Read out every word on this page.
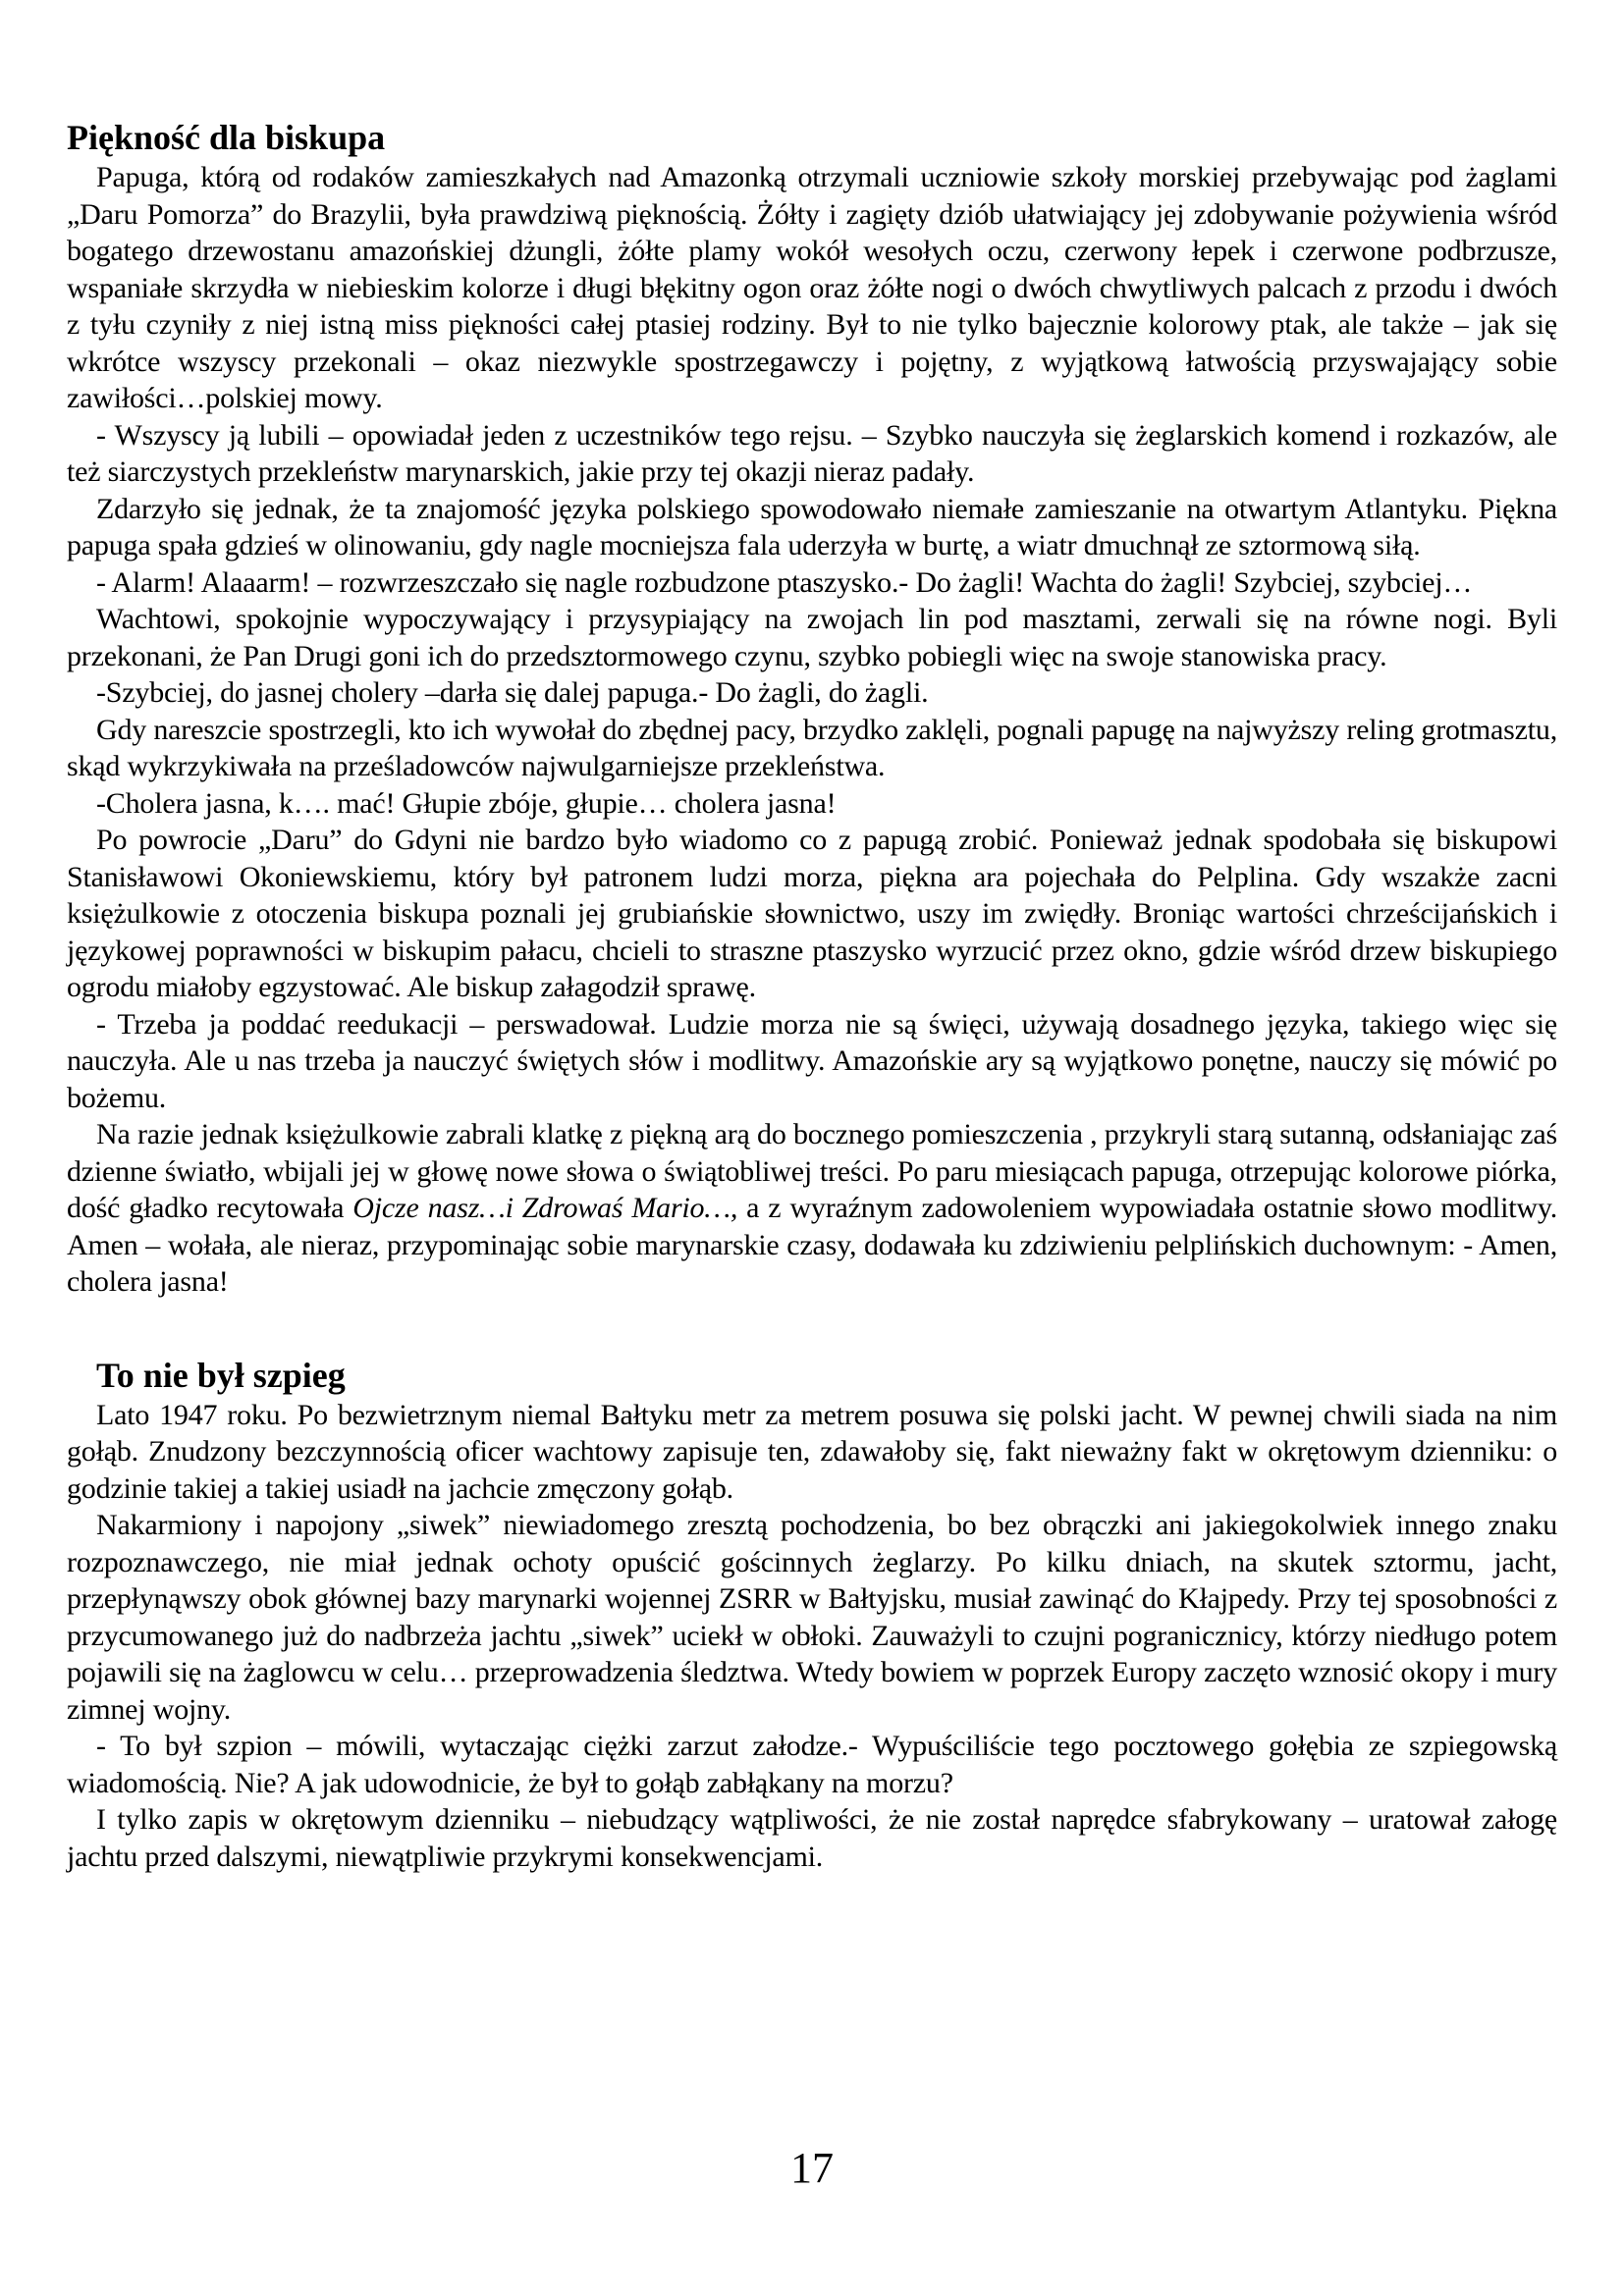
Piękność dla biskupa

Papuga, którą od rodaków zamieszkałych nad Amazonką otrzymali uczniowie szkoły morskiej przebywając pod żaglami „Daru Pomorza” do Brazylii, była prawdziwą pięknością. Żółty i zagięty dziób ułatwiający jej zdobywanie pożywienia wśród bogatego drzewostanu amazońskiej dżungli, żółte plamy wokół wesołych oczu, czerwony łepek i czerwone podbrzusze, wspaniałe skrzydła w niebieskim kolorze i długi błękitny ogon oraz żółte nogi o dwóch chwytliwych palcach z przodu i dwóch z tyłu czyniły z niej istną miss piękności całej ptasiej rodziny. Był to nie tylko bajecznie kolorowy ptak, ale także – jak się wkrótce wszyscy przekonali – okaz niezwykle spostrzegawczy i pojętny, z wyjątkową łatwością przyswajający sobie zawiłości…polskiej mowy.

- Wszyscy ją lubili – opowiadał jeden z uczestników tego rejsu. – Szybko nauczyła się żeglarskich komend i rozkazów, ale też siarczystych przekleństw marynarskich, jakie przy tej okazji nieraz padały.

Zdarzyło się jednak, że ta znajomość języka polskiego spowodowało niemałe zamieszanie na otwartym Atlantyku. Piękna papuga spała gdzieś w olinowaniu, gdy nagle mocniejsza fala uderzyła w burtę, a wiatr dmuchnął ze sztormową siłą.

- Alarm! Alaaarm! – rozwrzeszczało się nagle rozbudzone ptaszysko.- Do żagli! Wachta do żagli! Szybciej, szybciej…

Wachtowi, spokojnie wypoczywający i przysypiający na zwojach lin pod masztami, zerwali się na równe nogi. Byli przekonani, że Pan Drugi goni ich do przedsztormowego czynu, szybko pobiegli więc na swoje stanowiska pracy.

-Szybciej, do jasnej cholery –darła się dalej papuga.- Do żagli, do żagli.

Gdy nareszcie spostrzegli, kto ich wywołał do zbędnej pacy, brzydko zaklęli, pognali papugę na najwyższy reling grotmasztu, skąd wykrzykiwała na prześladowców najwulgarniejsze przekleństwa.

-Cholera jasna, k…. mać! Głupie zbóje, głupie… cholera jasna!

Po powrocie „Daru” do Gdyni nie bardzo było wiadomo co z papugą zrobić. Ponieważ jednak spodobała się biskupowi Stanisławowi Okoniewskiemu, który był patronem ludzi morza, piękna ara pojechała do Pelplina. Gdy wszakże zacni księżulkowie z otoczenia biskupa poznali jej grubiańskie słownictwo, uszy im zwiędły. Broniąc wartości chrześcijańskich i językowej poprawności w biskupim pałacu, chcieli to straszne ptaszysko wyrzucić przez okno, gdzie wśród drzew biskupiego ogrodu miałoby egzystować. Ale biskup załagodził sprawę.

- Trzeba ja poddać reedukacji – perswadował. Ludzie morza nie są święci, używają dosadnego języka, takiego więc się nauczyła. Ale u nas trzeba ja nauczyć świętych słów i modlitwy. Amazońskie ary są wyjątkowo ponętne, nauczy się mówić po bożemu.

Na razie jednak księżulkowie zabrali klatkę z piękną arą do bocznego pomieszczenia , przykryli starą sutanną, odsłaniając zaś dzienne światło, wbijali jej w głowę nowe słowa o świątobliwej treści. Po paru miesiącach papuga, otrzepując kolorowe piórka, dość gładko recytowała Ojcze nasz…i Zdrowaś Mario…, a z wyraźnym zadowoleniem wypowiadała ostatnie słowo modlitwy. Amen – wołała, ale nieraz, przypominając sobie marynarskie czasy, dodawała ku zdziwieniu pelplińskich duchownym: - Amen, cholera jasna!

To nie był szpieg

Lato 1947 roku. Po bezwietrznym niemal Bałtyku metr za metrem posuwa się polski jacht. W pewnej chwili siada na nim gołąb. Znudzony bezczynnością oficer wachtowy zapisuje ten, zdawałoby się, fakt nieważny fakt w okrętowym dzienniku: o godzinie takiej a takiej usiadł na jachcie zmęczony gołąb.

Nakarmiony i napojony „siwek” niewiadomego zresztą pochodzenia, bo bez obrączki ani jakiegokolwiek innego znaku rozpoznawczego, nie miał jednak ochoty opuścić gościnnych żeglarzy. Po kilku dniach, na skutek sztormu, jacht, przepłynąwszy obok głównej bazy marynarki wojennej ZSRR w Bałtyjsku, musiał zawinąć do Kłajpedy. Przy tej sposobności z przycumowanego już do nadbrzeża jachtu „siwek” uciekł w obłoki. Zauważyli to czujni pogranicznicy, którzy niedługo potem pojawili się na żaglowcu w celu… przeprowadzenia śledztwa. Wtedy bowiem w poprzek Europy zaczęto wznosić okopy i mury zimnej wojny.

- To był szpion – mówili, wytaczając ciężki zarzut załodze.- Wypuściliście tego pocztowego gołębia ze szpiegowską wiadomością. Nie? A jak udowodnicie, że był to gołąb zabłąkany na morzu?

I tylko zapis w okrętowym dzienniku – niebudzący wątpliwości, że nie został naprędce sfabrykowany – uratował załogę jachtu przed dalszymi, niewątpliwie przykrymi konsekwencjami.

17
